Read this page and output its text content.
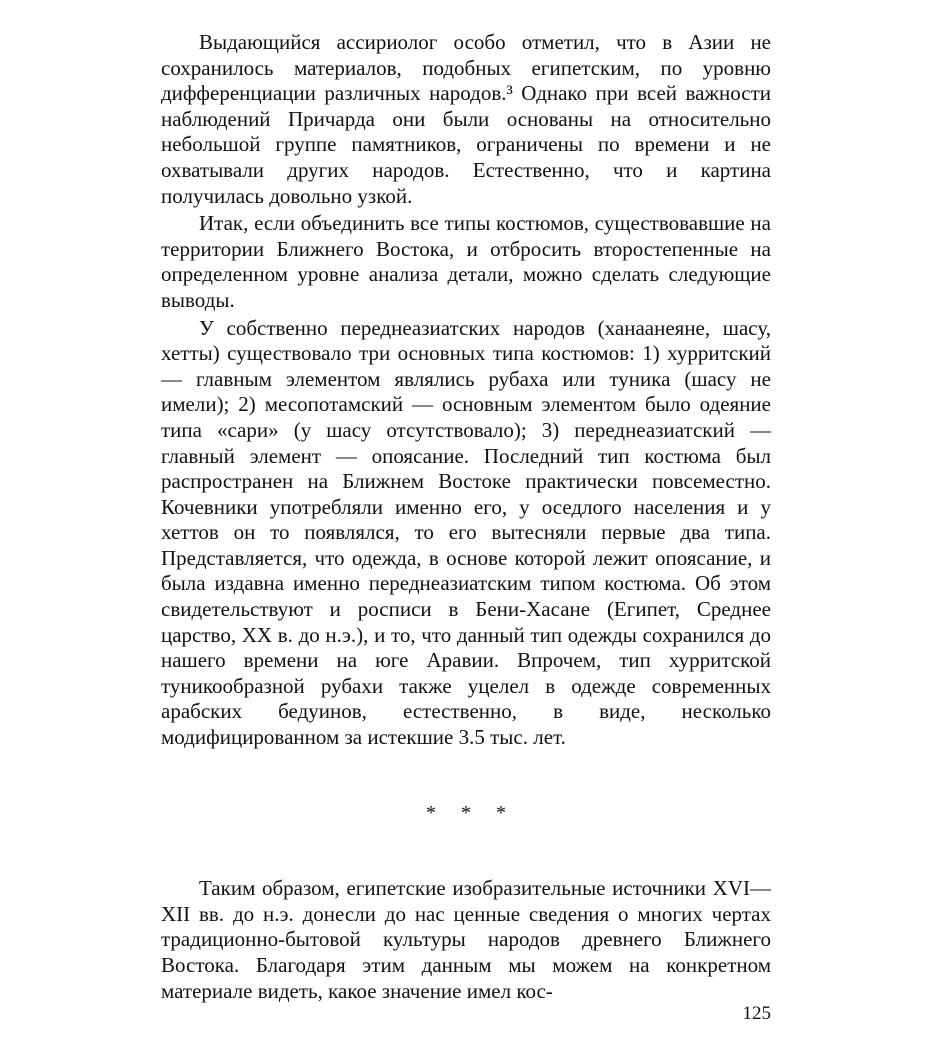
Выдающийся ассириолог особо отметил, что в Азии не сохранилось материалов, подобных египетским, по уровню дифференциации различных народов.³ Однако при всей важности наблюдений Причарда они были основаны на относительно небольшой группе памятников, ограничены по времени и не охватывали других народов. Естественно, что и картина получилась довольно узкой.

Итак, если объединить все типы костюмов, существовавшие на территории Ближнего Востока, и отбросить второстепенные на определенном уровне анализа детали, можно сделать следующие выводы.

У собственно переднеазиатских народов (ханаанеяне, шасу, хетты) существовало три основных типа костюмов: 1) хурритский — главным элементом являлись рубаха или туника (шасу не имели); 2) месопотамский — основным элементом было одеяние типа «сари» (у шасу отсутствовало); 3) переднеазиатский — главный элемент — опоясание. Последний тип костюма был распространен на Ближнем Востоке практически повсеместно. Кочевники употребляли именно его, у оседлого населения и у хеттов он то появлялся, то его вытесняли первые два типа. Представляется, что одежда, в основе которой лежит опоясание, и была издавна именно переднеазиатским типом костюма. Об этом свидетельствуют и росписи в Бени-Хасане (Египет, Среднее царство, XX в. до н.э.), и то, что данный тип одежды сохранился до нашего времени на юге Аравии. Впрочем, тип хурритской туникообразной рубахи также уцелел в одежде современных арабских бедуинов, естественно, в виде, несколько модифицированном за истекшие 3.5 тыс. лет.

* * *

Таким образом, египетские изобразительные источники XVI—XII вв. до н.э. донесли до нас ценные сведения о многих чертах традиционно-бытовой культуры народов древнего Ближнего Востока. Благодаря этим данным мы можем на конкретном материале видеть, какое значение имел кос-

125
